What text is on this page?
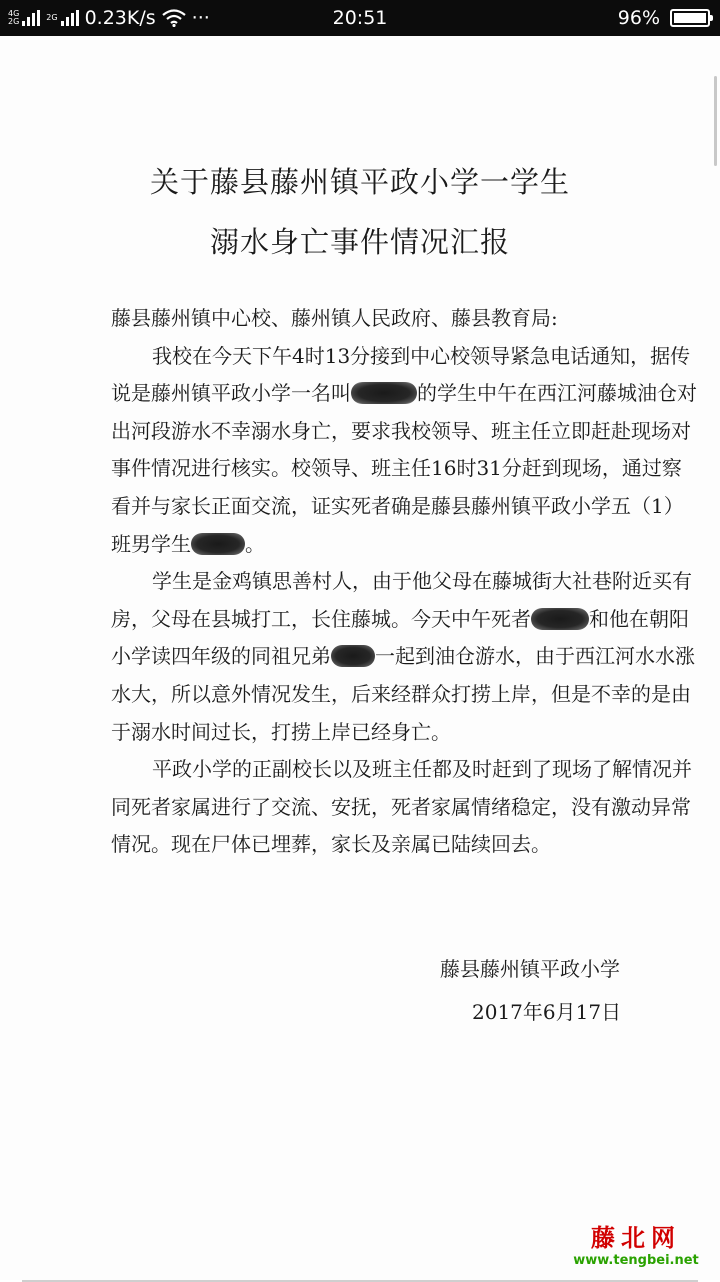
4G
2G	2G 0.23K/s ···	20:51	96%
关于藤县藤州镇平政小学一学生
溺水身亡事件情况汇报

藤县藤州镇中心校、藤州镇人民政府、藤县教育局:

我校在今天下午4时13分接到中心校领导紧急电话通知，据传说是藤州镇平政小学一名叫	的学生中午在西江河藤城油仓对出河段游水不幸溺水身亡，要求我校领导、班主任立即赶赴现场对事件情况进行核实。校领导、班主任16时31分赶到现场，通过察看并与家长正面交流，证实死者确是藤县藤州镇平政小学五（1）班男学生	。

学生是金鸡镇思善村人，由于他父母在藤城街大社巷附近买有房，父母在县城打工，长住藤城。今天中午死者	和他在朝阳小学读四年级的同祖兄弟 一起到油仓游水，由于西江河水水涨水大，所以意外情况发生，后来经群众打捞上岸，但是不幸的是由于溺水时间过长，打捞上岸已经身亡。

平政小学的正副校长以及班主任都及时赶到了现场了解情况并同死者家属进行了交流、安抚，死者家属情绪稳定，没有激动异常情况。现在尸体已埋葬，家长及亲属已陆续回去。

藤县藤州镇平政小学
2017年6月17日
藤北网
www.tengbei.net
